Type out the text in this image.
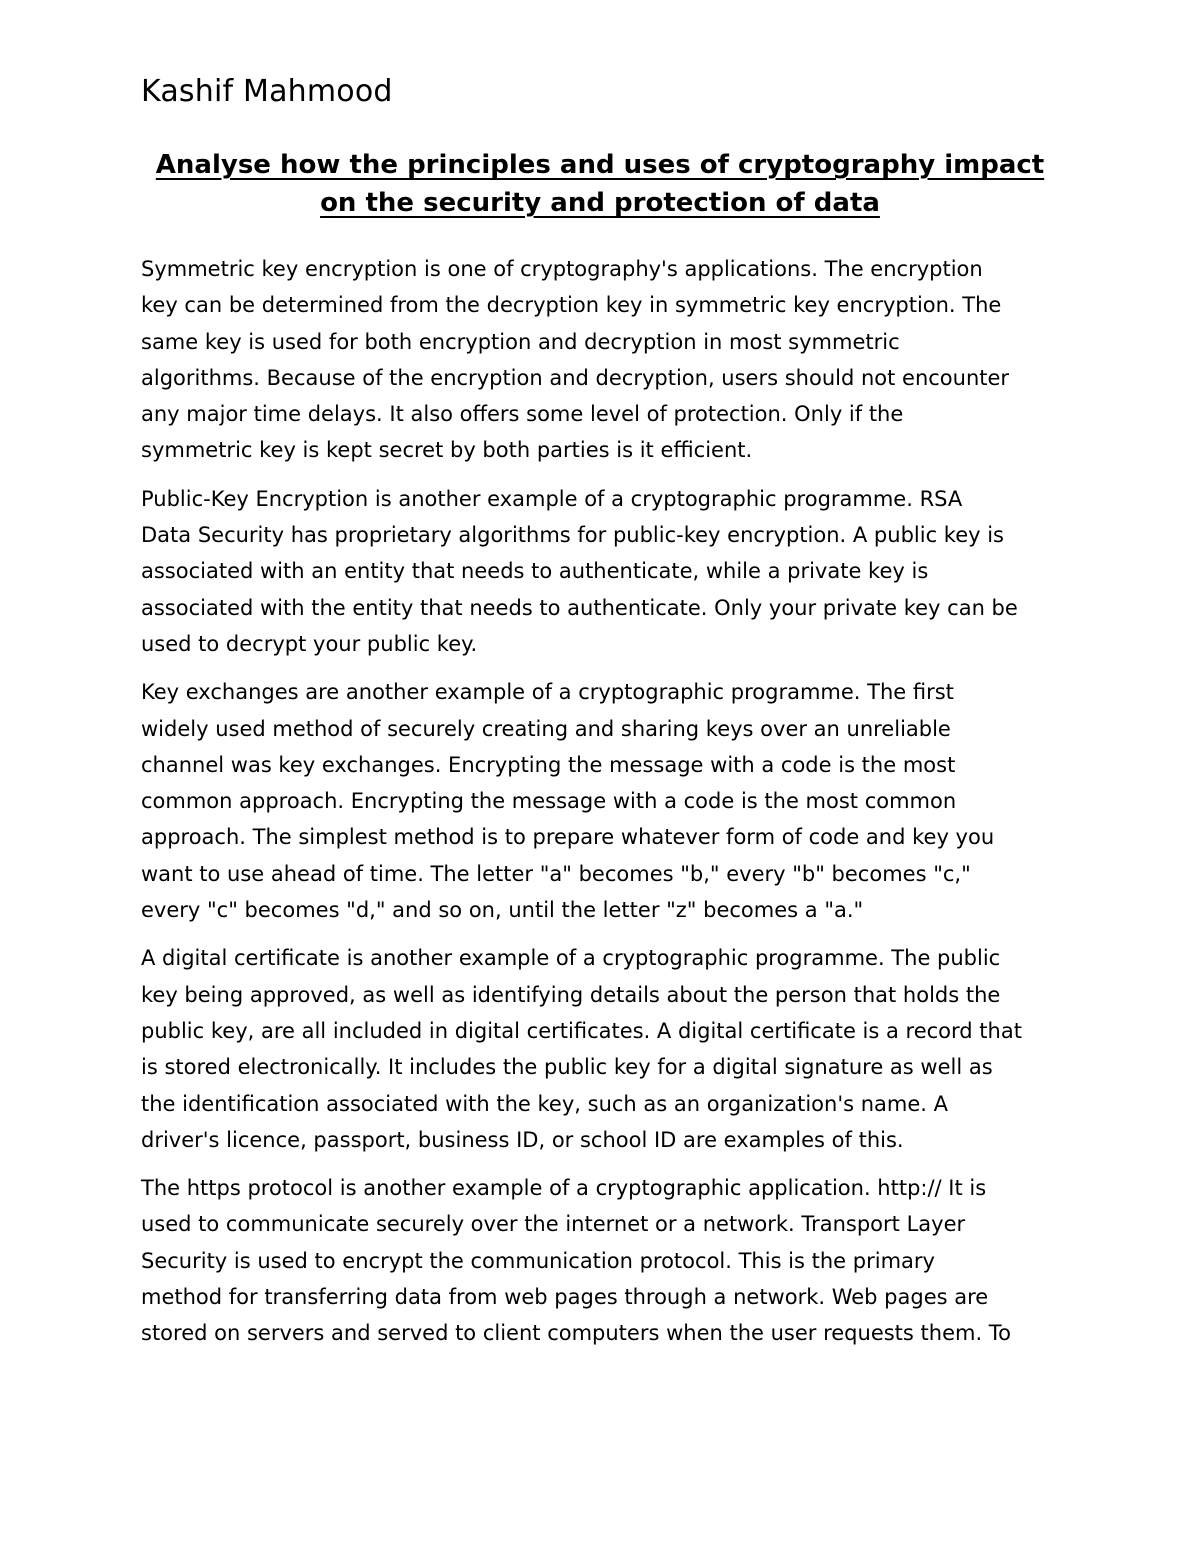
Kashif Mahmood
Analyse how the principles and uses of cryptography impact
on the security and protection of data
Symmetric key encryption is one of cryptography's applications. The encryption
key can be determined from the decryption key in symmetric key encryption. The
same key is used for both encryption and decryption in most symmetric
algorithms. Because of the encryption and decryption, users should not encounter
any major time delays. It also offers some level of protection. Only if the
symmetric key is kept secret by both parties is it efficient.
Public-Key Encryption is another example of a cryptographic programme. RSA
Data Security has proprietary algorithms for public-key encryption. A public key is
associated with an entity that needs to authenticate, while a private key is
associated with the entity that needs to authenticate. Only your private key can be
used to decrypt your public key.
Key exchanges are another example of a cryptographic programme. The first
widely used method of securely creating and sharing keys over an unreliable
channel was key exchanges. Encrypting the message with a code is the most
common approach. Encrypting the message with a code is the most common
approach. The simplest method is to prepare whatever form of code and key you
want to use ahead of time. The letter "a" becomes "b," every "b" becomes "c,"
every "c" becomes "d," and so on, until the letter "z" becomes a "a."
A digital certificate is another example of a cryptographic programme. The public
key being approved, as well as identifying details about the person that holds the
public key, are all included in digital certificates. A digital certificate is a record that
is stored electronically. It includes the public key for a digital signature as well as
the identification associated with the key, such as an organization's name. A
driver's licence, passport, business ID, or school ID are examples of this.
The https protocol is another example of a cryptographic application. http:// It is
used to communicate securely over the internet or a network. Transport Layer
Security is used to encrypt the communication protocol. This is the primary
method for transferring data from web pages through a network. Web pages are
stored on servers and served to client computers when the user requests them. To
